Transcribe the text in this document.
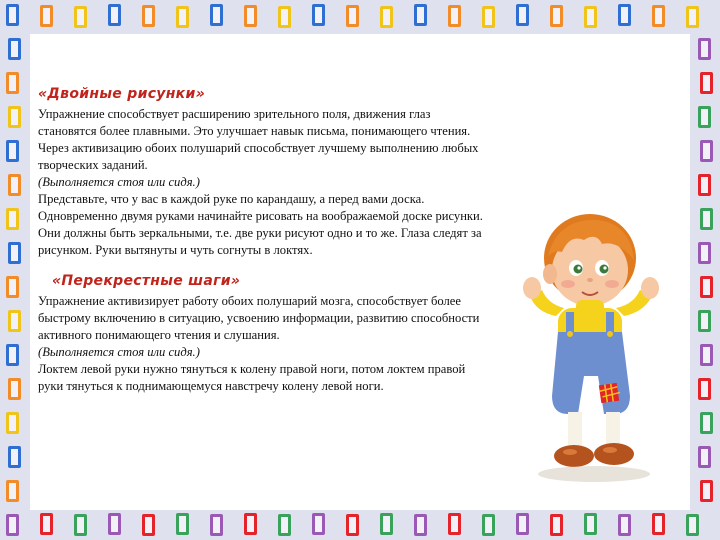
«Двойные рисунки»

Упражнение способствует расширению зрительного поля, движения глаз

становятся более плавными. Это улучшает навык письма, понимающего чтения.

Через активизацию обоих полушарий способствует лучшему выполнению любых

творческих заданий.

(Выполняется стоя или сидя.)

Представьте, что у вас в каждой руке по карандашу, а перед вами доска.

Одновременно двумя руками начинайте рисовать на воображаемой доске рисунки.

Они должны быть зеркальными, т.е. две руки рисуют одно и то же. Глаза следят за

рисунком. Руки вытянуты и чуть согнуты в локтях.

«Перекрестные шаги»

Упражнение активизирует работу обоих полушарий мозга, способствует более

быстрому включению в ситуацию, усвоению информации, развитию способности

активного понимающего чтения и слушания.

(Выполняется стоя или сидя.)

Локтем левой руки нужно тянуться к колену правой ноги, потом локтем правой

руки тянуться к поднимающемуся навстречу колену левой ноги.
